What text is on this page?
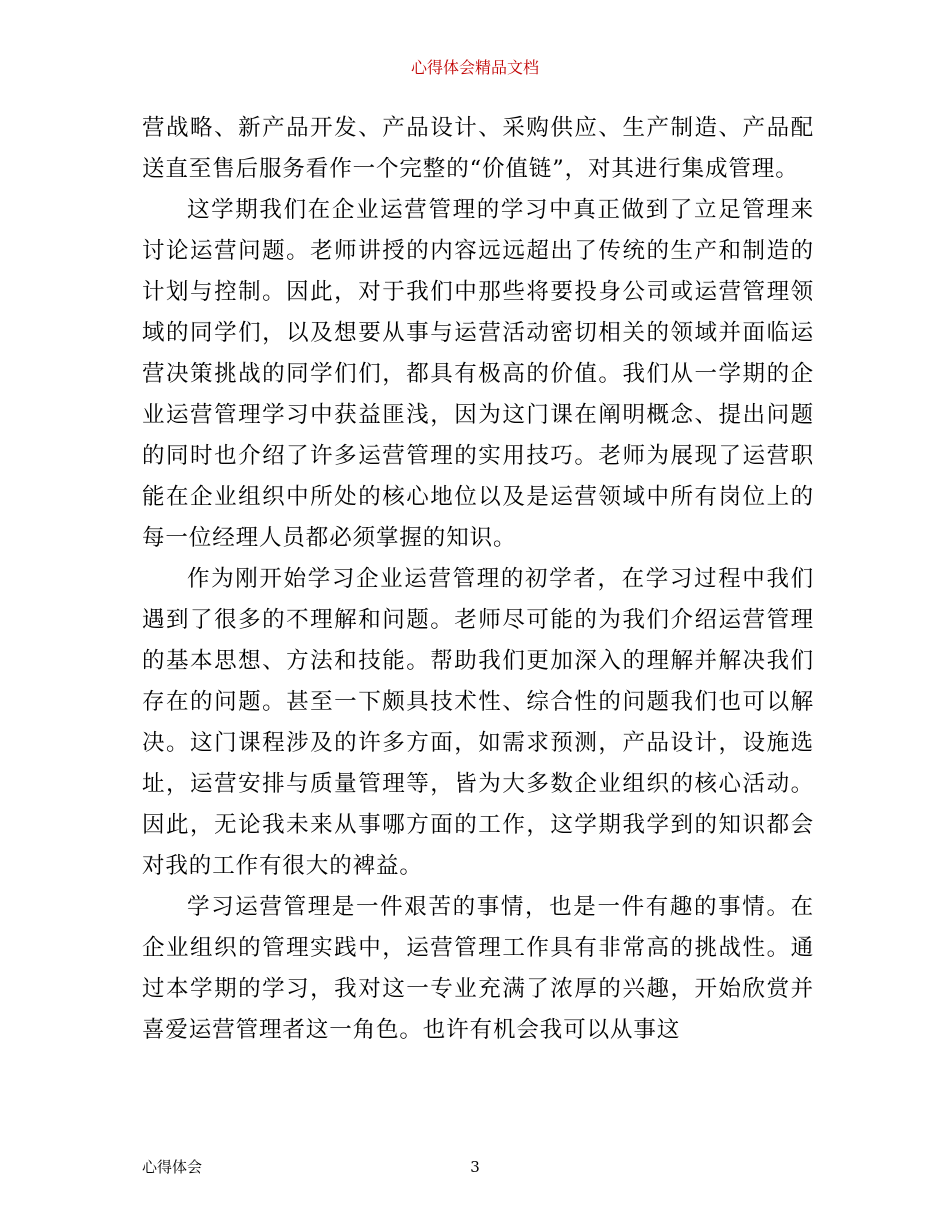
心得体会精品文档

营战略、新产品开发、产品设计、采购供应、生产制造、产品配送直至售后服务看作一个完整的“价值链”，对其进行集成管理。

这学期我们在企业运营管理的学习中真正做到了立足管理来讨论运营问题。老师讲授的内容远远超出了传统的生产和制造的计划与控制。因此，对于我们中那些将要投身公司或运营管理领域的同学们，以及想要从事与运营活动密切相关的领域并面临运营决策挑战的同学们们，都具有极高的价值。我们从一学期的企业运营管理学习中获益匪浅，因为这门课在阐明概念、提出问题的同时也介绍了许多运营管理的实用技巧。老师为展现了运营职能在企业组织中所处的核心地位以及是运营领域中所有岗位上的每一位经理人员都必须掌握的知识。

作为刚开始学习企业运营管理的初学者，在学习过程中我们遇到了很多的不理解和问题。老师尽可能的为我们介绍运营管理的基本思想、方法和技能。帮助我们更加深入的理解并解决我们存在的问题。甚至一下颇具技术性、综合性的问题我们也可以解决。这门课程涉及的许多方面，如需求预测，产品设计，设施选址，运营安排与质量管理等，皆为大多数企业组织的核心活动。因此，无论我未来从事哪方面的工作，这学期我学到的知识都会对我的工作有很大的裨益。

学习运营管理是一件艰苦的事情，也是一件有趣的事情。在企业组织的管理实践中，运营管理工作具有非常高的挑战性。通过本学期的学习，我对这一专业充满了浓厚的兴趣，开始欣赏并喜爱运营管理者这一角色。也许有机会我可以从事这

心得体会	3
